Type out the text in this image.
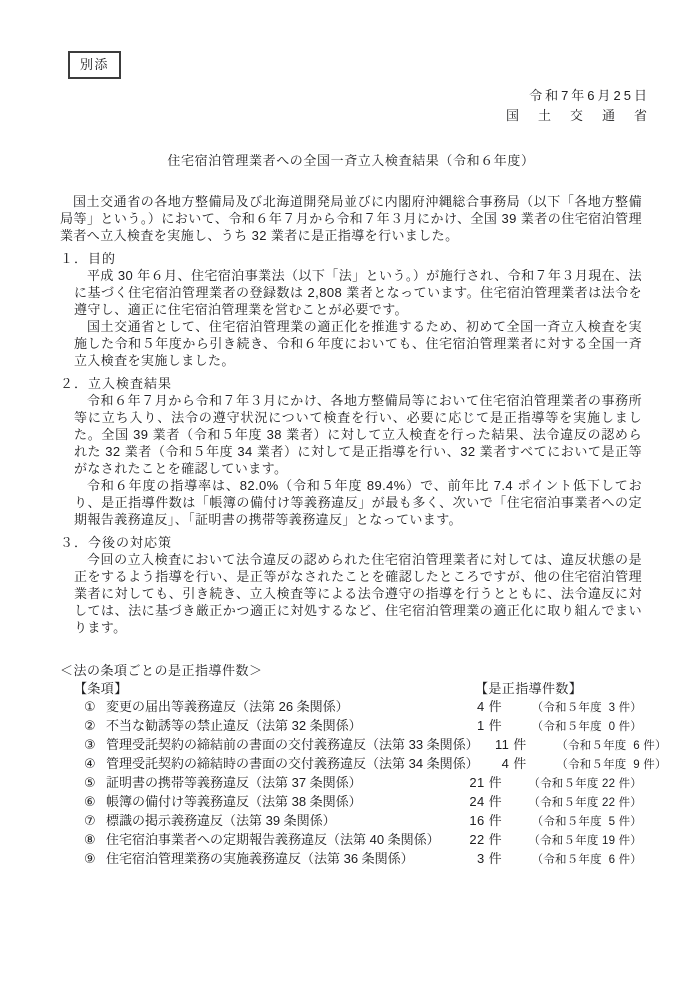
別添
令和7年6月25日
国　土　交　通　省
住宅宿泊管理業者への全国一斉立入検査結果（令和６年度）

国土交通省の各地方整備局及び北海道開発局並びに内閣府沖縄総合事務局（以下「各地方整備局等」という。）において、令和６年７月から令和７年３月にかけ、全国 39 業者の住宅宿泊管理業者へ立入検査を実施し、うち 32 業者に是正指導を行いました。

１．目的

平成 30 年６月、住宅宿泊事業法（以下「法」という。）が施行され、令和７年３月現在、法に基づく住宅宿泊管理業者の登録数は 2,808 業者となっています。住宅宿泊管理業者は法令を遵守し、適正に住宅宿泊管理業を営むことが必要です。

国土交通省として、住宅宿泊管理業の適正化を推進するため、初めて全国一斉立入検査を実施した令和５年度から引き続き、令和６年度においても、住宅宿泊管理業者に対する全国一斉立入検査を実施しました。

２．立入検査結果

令和６年７月から令和７年３月にかけ、各地方整備局等において住宅宿泊管理業者の事務所等に立ち入り、法令の遵守状況について検査を行い、必要に応じて是正指導等を実施しました。全国 39 業者（令和５年度 38 業者）に対して立入検査を行った結果、法令違反の認められた 32 業者（令和５年度 34 業者）に対して是正指導を行い、32 業者すべてにおいて是正等がなされたことを確認しています。

令和６年度の指導率は、82.0%（令和５年度 89.4%）で、前年比 7.4 ポイント低下しており、是正指導件数は「帳簿の備付け等義務違反」が最も多く、次いで「住宅宿泊事業者への定期報告義務違反」、「証明書の携帯等義務違反」となっています。

３．今後の対応策

今回の立入検査において法令違反の認められた住宅宿泊管理業者に対しては、違反状態の是正をするよう指導を行い、是正等がなされたことを確認したところですが、他の住宅宿泊管理業者に対しても、引き続き、立入検査等による法令遵守の指導を行うとともに、法令違反に対しては、法に基づき厳正かつ適正に対処するなど、住宅宿泊管理業の適正化に取り組んでまいります。

＜法の条項ごとの是正指導件数＞
【条項】	【是正指導件数】
① 変更の届出等義務違反（法第 26 条関係）	4 件	（令和５年度  3 件）
② 不当な勧誘等の禁止違反（法第 32 条関係）	1 件	（令和５年度  0 件）
③ 管理受託契約の締結前の書面の交付義務違反（法第 33 条関係）	11 件	（令和５年度  6 件）
④ 管理受託契約の締結時の書面の交付義務違反（法第 34 条関係）	4 件	（令和５年度  9 件）
⑤ 証明書の携帯等義務違反（法第 37 条関係）	21 件	（令和５年度 22 件）
⑥ 帳簿の備付け等義務違反（法第 38 条関係）	24 件	（令和５年度 22 件）
⑦ 標識の掲示義務違反（法第 39 条関係）	16 件	（令和５年度  5 件）
⑧ 住宅宿泊事業者への定期報告義務違反（法第 40 条関係）	22 件	（令和５年度 19 件）
⑨ 住宅宿泊管理業務の実施義務違反（法第 36 条関係）	3 件	（令和５年度  6 件）
